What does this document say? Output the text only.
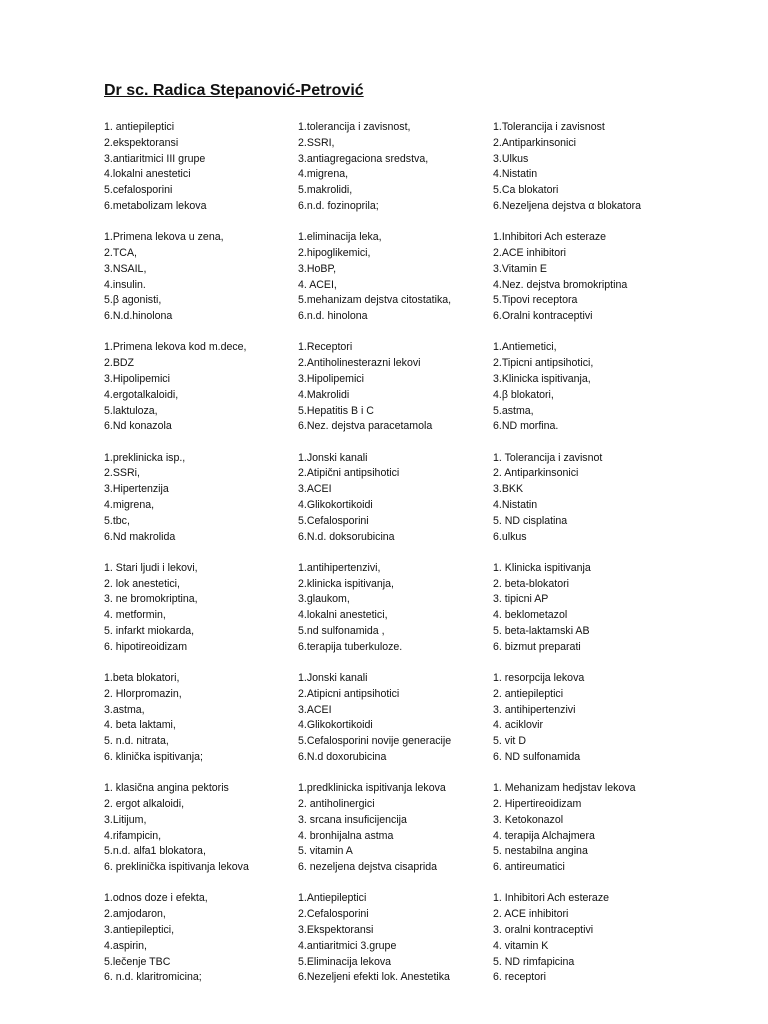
Dr sc. Radica Stepanović-Petrović
1. antiepileptici
2.ekspektoransi
3.antiaritmici III grupe
4.lokalni anestetici
5.cefalosporini
6.metabolizam lekova
1.tolerancija i zavisnost,
2.SSRI,
3.antiagregaciona sredstva,
4.migrena,
5.makrolidi,
6.n.d. fozinoprila;
1.Tolerancija i zavisnost
2.Antiparkinsonici
3.Ulkus
4.Nistatin
5.Ca blokatori
6.Nezeljena dejstva α blokatora
1.Primena lekova u zena,
2.TCA,
3.NSAIL,
4.insulin.
5.β agonisti,
6.N.d.hinolona
1.eliminacija leka,
2.hipoglikemici,
3.HoBP,
4. ACEI,
5.mehanizam dejstva citostatika,
6.n.d. hinolona
1.Inhibitori Ach esteraze
2.ACE inhibitori
3.Vitamin E
4.Nez. dejstva bromokriptina
5.Tipovi receptora
6.Oralni kontraceptivi
1.Primena lekova kod m.dece,
2.BDZ
3.Hipolipemici
4.ergotalkaloidi,
5.laktuloza,
6.Nd konazola
1.Receptori
2.Antiholinesterazni lekovi
3.Hipolipemici
4.Makrolidi
5.Hepatitis B i C
6.Nez. dejstva paracetamola
1.Antiemetici,
2.Tipicni antipsihotici,
3.Klinicka ispitivanja,
4.β blokatori,
5.astma,
6.ND morfina.
1.preklinicka isp.,
2.SSRi,
3.Hipertenzija
4.migrena,
5.tbc,
6.Nd makrolida
1.Jonski kanali
2.Atipični antipsihotici
3.ACEI
4.Glikokortikoidi
5.Cefalosporini
6.N.d. doksorubicina
1. Tolerancija i zavisnot
2. Antiparkinsonici
3.BKK
4.Nistatin
5. ND cisplatina
6.ulkus
1. Stari ljudi i lekovi,
2. lok anestetici,
3. ne bromokriptina,
4. metformin,
5. infarkt miokarda,
6. hipotireoidizam
1.antihipertenzivi,
2.klinicka ispitivanja,
3.glaukom,
4.lokalni anestetici,
5.nd sulfonamida ,
6.terapija tuberkuloze.
1. Klinicka ispitivanja
2. beta-blokatori
3. tipicni AP
4. beklometazol
5. beta-laktamski AB
6. bizmut preparati
1.beta blokatori,
2. Hlorpromazin,
3.astma,
4. beta laktami,
5. n.d. nitrata,
6. klinička ispitivanja;
1.Jonski kanali
2.Atipicni antipsihotici
3.ACEI
4.Glikokortikoidi
5.Cefalosporini novije generacije
6.N.d doxorubicina
1. resorpcija lekova
2. antiepileptici
3. antihipertenzivi
4. aciklovir
5. vit D
6. ND sulfonamida
1. klasična angina pektoris
2. ergot alkaloidi,
3.Litijum,
4.rifampicin,
5.n.d. alfa1 blokatora,
6. preklinička ispitivanja lekova
1.predklinicka ispitivanja lekova
2. antiholinergici
3. srcana insuficijencija
4. bronhijalna astma
5. vitamin A
6. nezeljena dejstva cisaprida
1. Mehanizam hedjstav lekova
2. Hipertireoidizam
3. Ketokonazol
4. terapija Alchajmera
5. nestabilna angina
6. antireumatici
1.odnos doze i efekta,
2.amjodaron,
3.antiepileptici,
4.aspirin,
5.lečenje TBC
6. n.d. klaritromicina;
1.Antiepileptici
2.Cefalosporini
3.Ekspektoransi
4.antiaritmici 3.grupe
5.Eliminacija lekova
6.Nezeljeni efekti lok. Anestetika
1. Inhibitori Ach esteraze
2. ACE inhibitori
3. oralni kontraceptivi
4. vitamin K
5. ND rimfapicina
6. receptori
